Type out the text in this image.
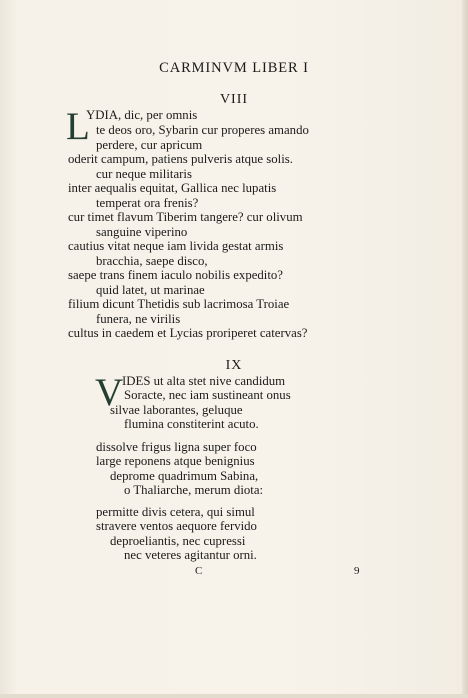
CARMINVM LIBER I
VIII
L
YDIA, dic, per omnis
te deos oro, Sybarin cur properes amando
perdere, cur apricum
oderit campum, patiens pulveris atque solis.
cur neque militaris
inter aequalis equitat, Gallica nec lupatis
temperat ora frenis?
cur timet flavum Tiberim tangere? cur olivum
sanguine viperino
cautius vitat neque iam livida gestat armis
bracchia, saepe disco,
saepe trans finem iaculo nobilis expedito?
quid latet, ut marinae
filium dicunt Thetidis sub lacrimosa Troiae
funera, ne virilis
cultus in caedem et Lycias proriperet catervas?
IX
V
IDES ut alta stet nive candidum
Soracte, nec iam sustineant onus
silvae laborantes, geluque
flumina constiterint acuto.
dissolve frigus ligna super foco
large reponens atque benignius
deprome quadrimum Sabina,
o Thaliarche, merum diota:
permitte divis cetera, qui simul
stravere ventos aequore fervido
deproeliantis, nec cupressi
nec veteres agitantur orni.
C	9
